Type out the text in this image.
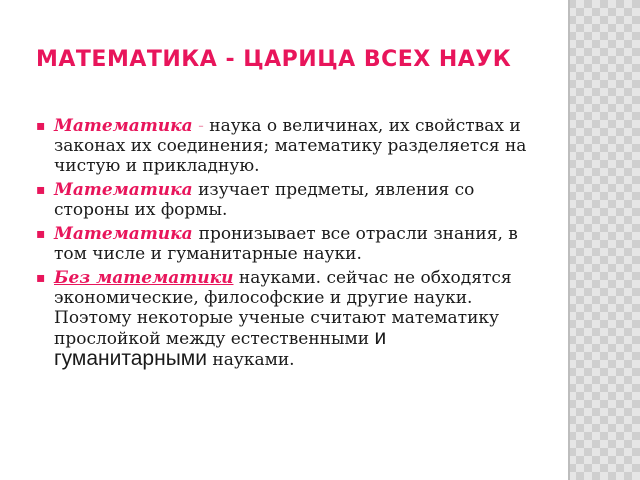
МАТЕМАТИКА - ЦАРИЦА ВСЕХ НАУК
▪ Математика - наука о величинах, их свойствах и законах их соединения; математику разделяется на чистую и прикладную.
▪ Математика изучает предметы, явления со стороны их формы.
▪ Математика пронизывает все отрасли знания, в том числе и гуманитарные науки.
▪ Без математики науками. сейчас не обходятся экономические, философские и другие науки. Поэтому некоторые ученые считают математику прослойкой между естественными и гуманитарными науками.
